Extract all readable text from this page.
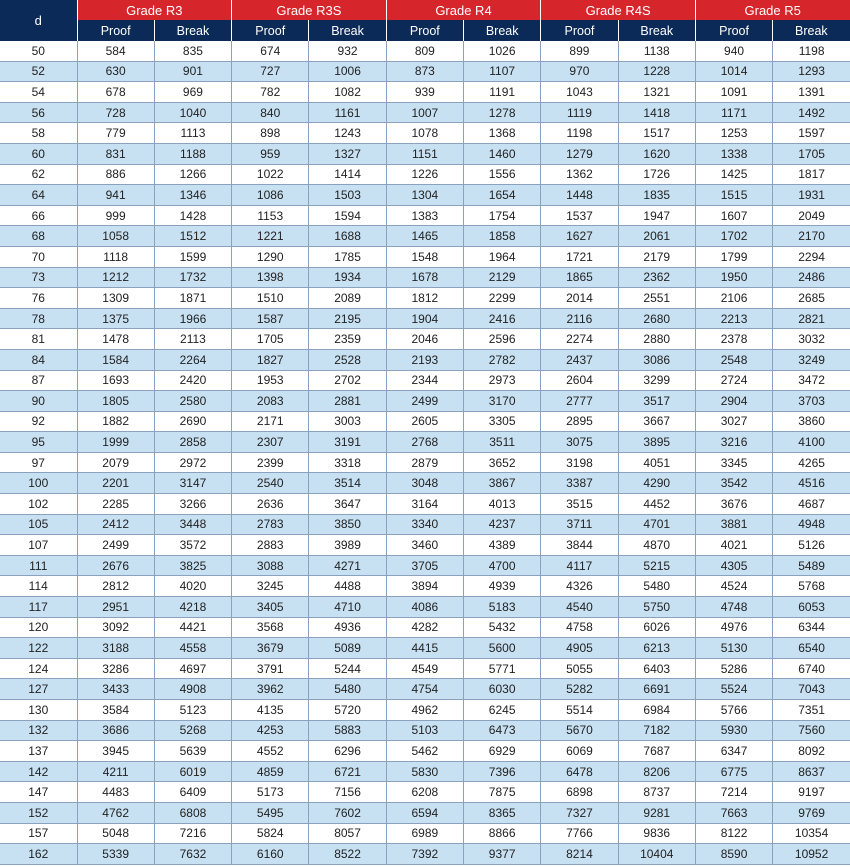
d	Grade R3		Grade R3S		Grade R4		Grade R4S		Grade R5	
	Proof	Break	Proof	Break	Proof	Break	Proof	Break	Proof	Break
50	584	835	674	932	809	1026	899	1138	940	1198
52	630	901	727	1006	873	1107	970	1228	1014	1293
54	678	969	782	1082	939	1191	1043	1321	1091	1391
56	728	1040	840	1161	1007	1278	1119	1418	1171	1492
58	779	1113	898	1243	1078	1368	1198	1517	1253	1597
60	831	1188	959	1327	1151	1460	1279	1620	1338	1705
62	886	1266	1022	1414	1226	1556	1362	1726	1425	1817
64	941	1346	1086	1503	1304	1654	1448	1835	1515	1931
66	999	1428	1153	1594	1383	1754	1537	1947	1607	2049
68	1058	1512	1221	1688	1465	1858	1627	2061	1702	2170
70	1118	1599	1290	1785	1548	1964	1721	2179	1799	2294
73	1212	1732	1398	1934	1678	2129	1865	2362	1950	2486
76	1309	1871	1510	2089	1812	2299	2014	2551	2106	2685
78	1375	1966	1587	2195	1904	2416	2116	2680	2213	2821
81	1478	2113	1705	2359	2046	2596	2274	2880	2378	3032
84	1584	2264	1827	2528	2193	2782	2437	3086	2548	3249
87	1693	2420	1953	2702	2344	2973	2604	3299	2724	3472
90	1805	2580	2083	2881	2499	3170	2777	3517	2904	3703
92	1882	2690	2171	3003	2605	3305	2895	3667	3027	3860
95	1999	2858	2307	3191	2768	3511	3075	3895	3216	4100
97	2079	2972	2399	3318	2879	3652	3198	4051	3345	4265
100	2201	3147	2540	3514	3048	3867	3387	4290	3542	4516
102	2285	3266	2636	3647	3164	4013	3515	4452	3676	4687
105	2412	3448	2783	3850	3340	4237	3711	4701	3881	4948
107	2499	3572	2883	3989	3460	4389	3844	4870	4021	5126
111	2676	3825	3088	4271	3705	4700	4117	5215	4305	5489
114	2812	4020	3245	4488	3894	4939	4326	5480	4524	5768
117	2951	4218	3405	4710	4086	5183	4540	5750	4748	6053
120	3092	4421	3568	4936	4282	5432	4758	6026	4976	6344
122	3188	4558	3679	5089	4415	5600	4905	6213	5130	6540
124	3286	4697	3791	5244	4549	5771	5055	6403	5286	6740
127	3433	4908	3962	5480	4754	6030	5282	6691	5524	7043
130	3584	5123	4135	5720	4962	6245	5514	6984	5766	7351
132	3686	5268	4253	5883	5103	6473	5670	7182	5930	7560
137	3945	5639	4552	6296	5462	6929	6069	7687	6347	8092
142	4211	6019	4859	6721	5830	7396	6478	8206	6775	8637
147	4483	6409	5173	7156	6208	7875	6898	8737	7214	9197
152	4762	6808	5495	7602	6594	8365	7327	9281	7663	9769
157	5048	7216	5824	8057	6989	8866	7766	9836	8122	10354
162	5339	7632	6160	8522	7392	9377	8214	10404	8590	10952
